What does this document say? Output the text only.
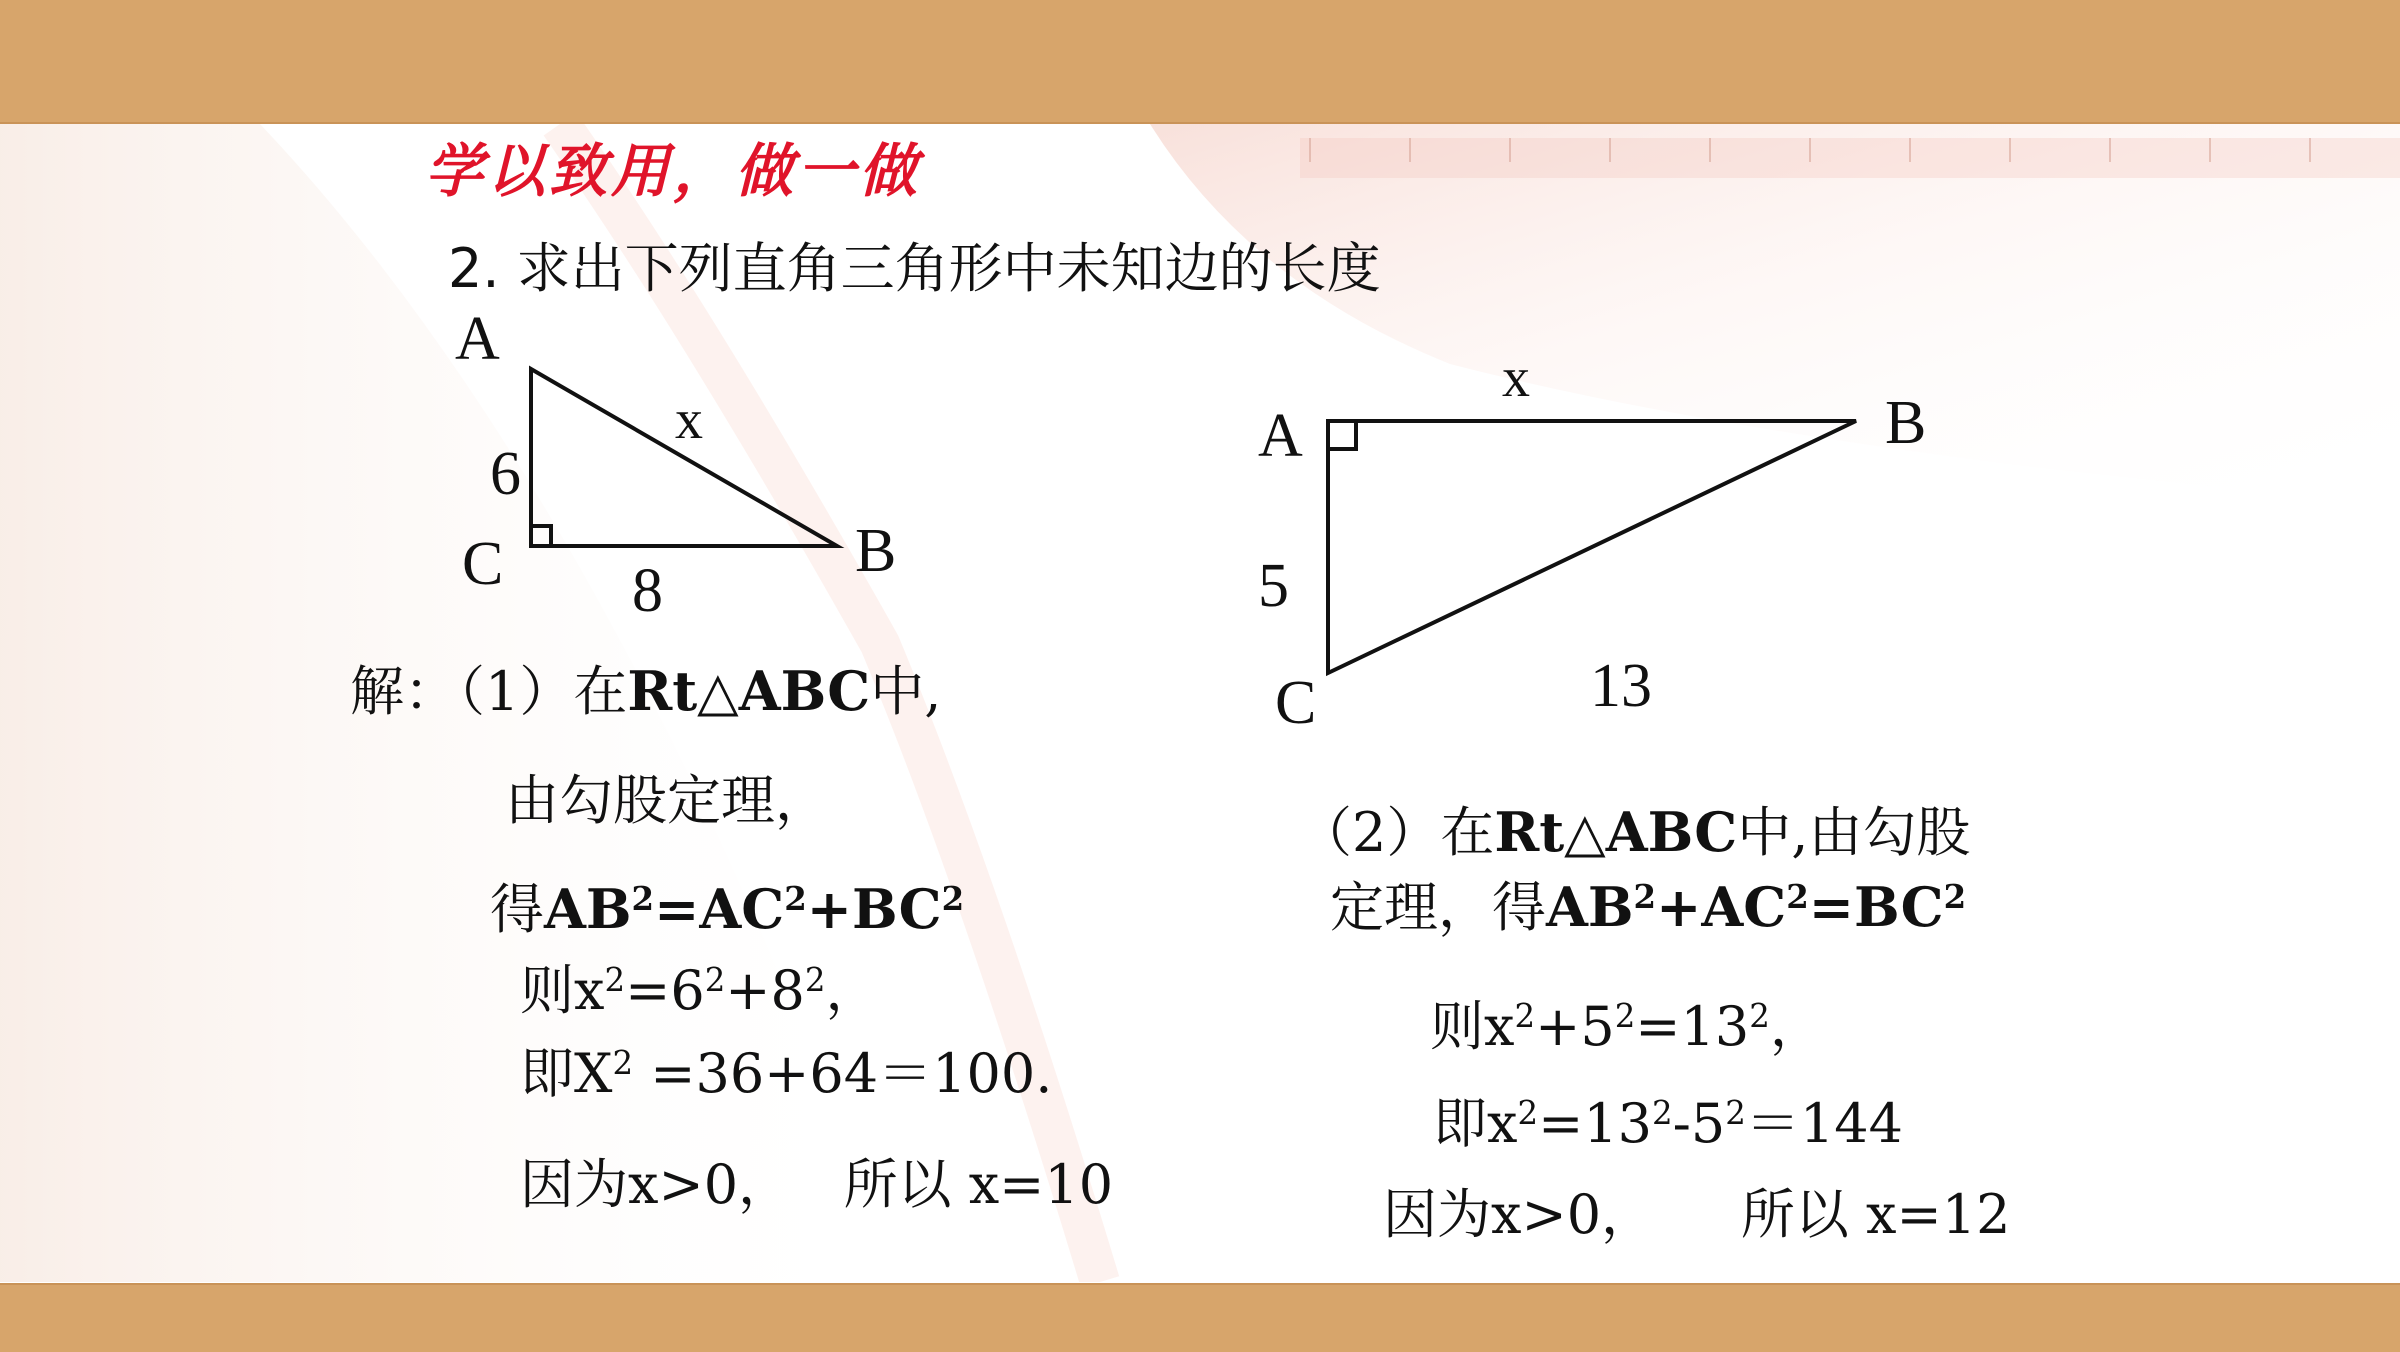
学以致用，做一做
2. 求出下列直角三角形中未知边的长度
A
x
6
C	B
8
x
A	B
5
13
C
解：（1）在Rt△ABC中,
由勾股定理，
得$AB^2=AC^2+BC^2$
则$x^2=6^2+8^2$，
即$X^2 =36+64=100$.
因为x>0， 所以 x=10
（2）在Rt△ABC中,由勾股
定理，得$AB^2+AC^2=BC^2$
则$x^2+5^2=13^2$，
即$x^2=13^2-5^2=144$
因为x>0， 所以 x=12
